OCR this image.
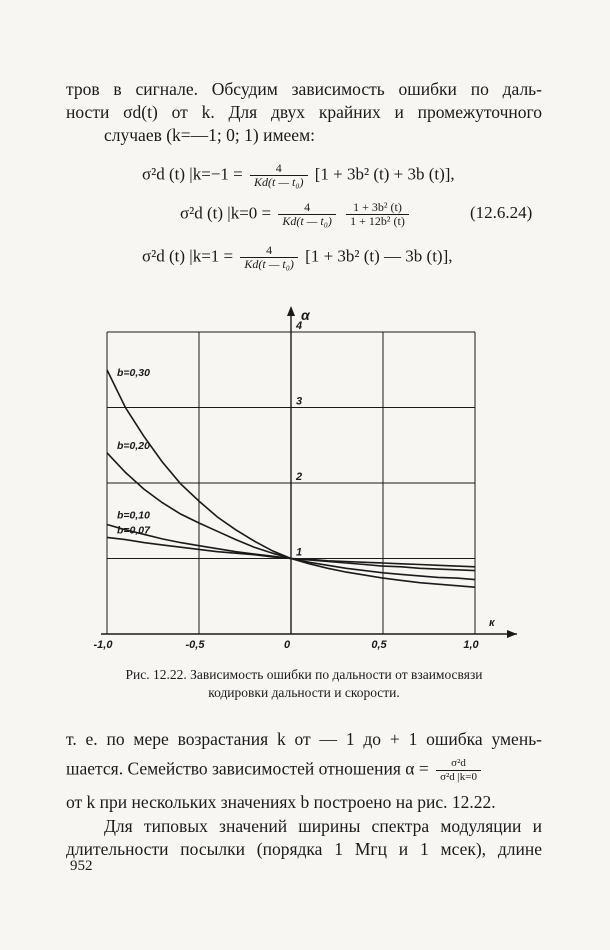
тров в сигнале. Обсудим зависимость ошибки по даль-
ности σd(t) от k. Для двух крайних и промежуточного
случаев (k=—1; 0; 1) имеем:
σ²d (t) $|k=-1 = \frac{4}{\text{Kd(t — t₀)}} [1 + 3b^2$ (t) + 3b (t)],
σ²d (t) $|k=0 = \frac{4}{\text{Kd(t — t₀)}}$
$\frac{\text{1 + 3b² (t)}}{\text{1 + 12b² (t)}}$	(12.6.24)
σ²d (t) $|k=1 = \frac{4}{\text{Kd(t — t₀)}} [1 + 3b^2$ (t) — 3b (t)],
-1,0	-0,5	0	0,5	1,0
1
2
3
4
к
α
b=0,30
b=0,20
b=0,10
b=0,07
Рис. 12.22. Зависимость ошибки по дальности от взаимосвязи
кодировки дальности и скорости.
т. е. по мере возрастания k от — 1 до + 1 ошибка умень-
шается. Семейство зависимостей отношения $\alpha = \frac{\text{σ²d}}{\text{σ²d |k=0}}$
от k при нескольких значениях b построено на рис. 12.22.
Для типовых значений ширины спектра модуляции и
длительности посылки (порядка 1 Мгц и 1 мсек), длине
952
